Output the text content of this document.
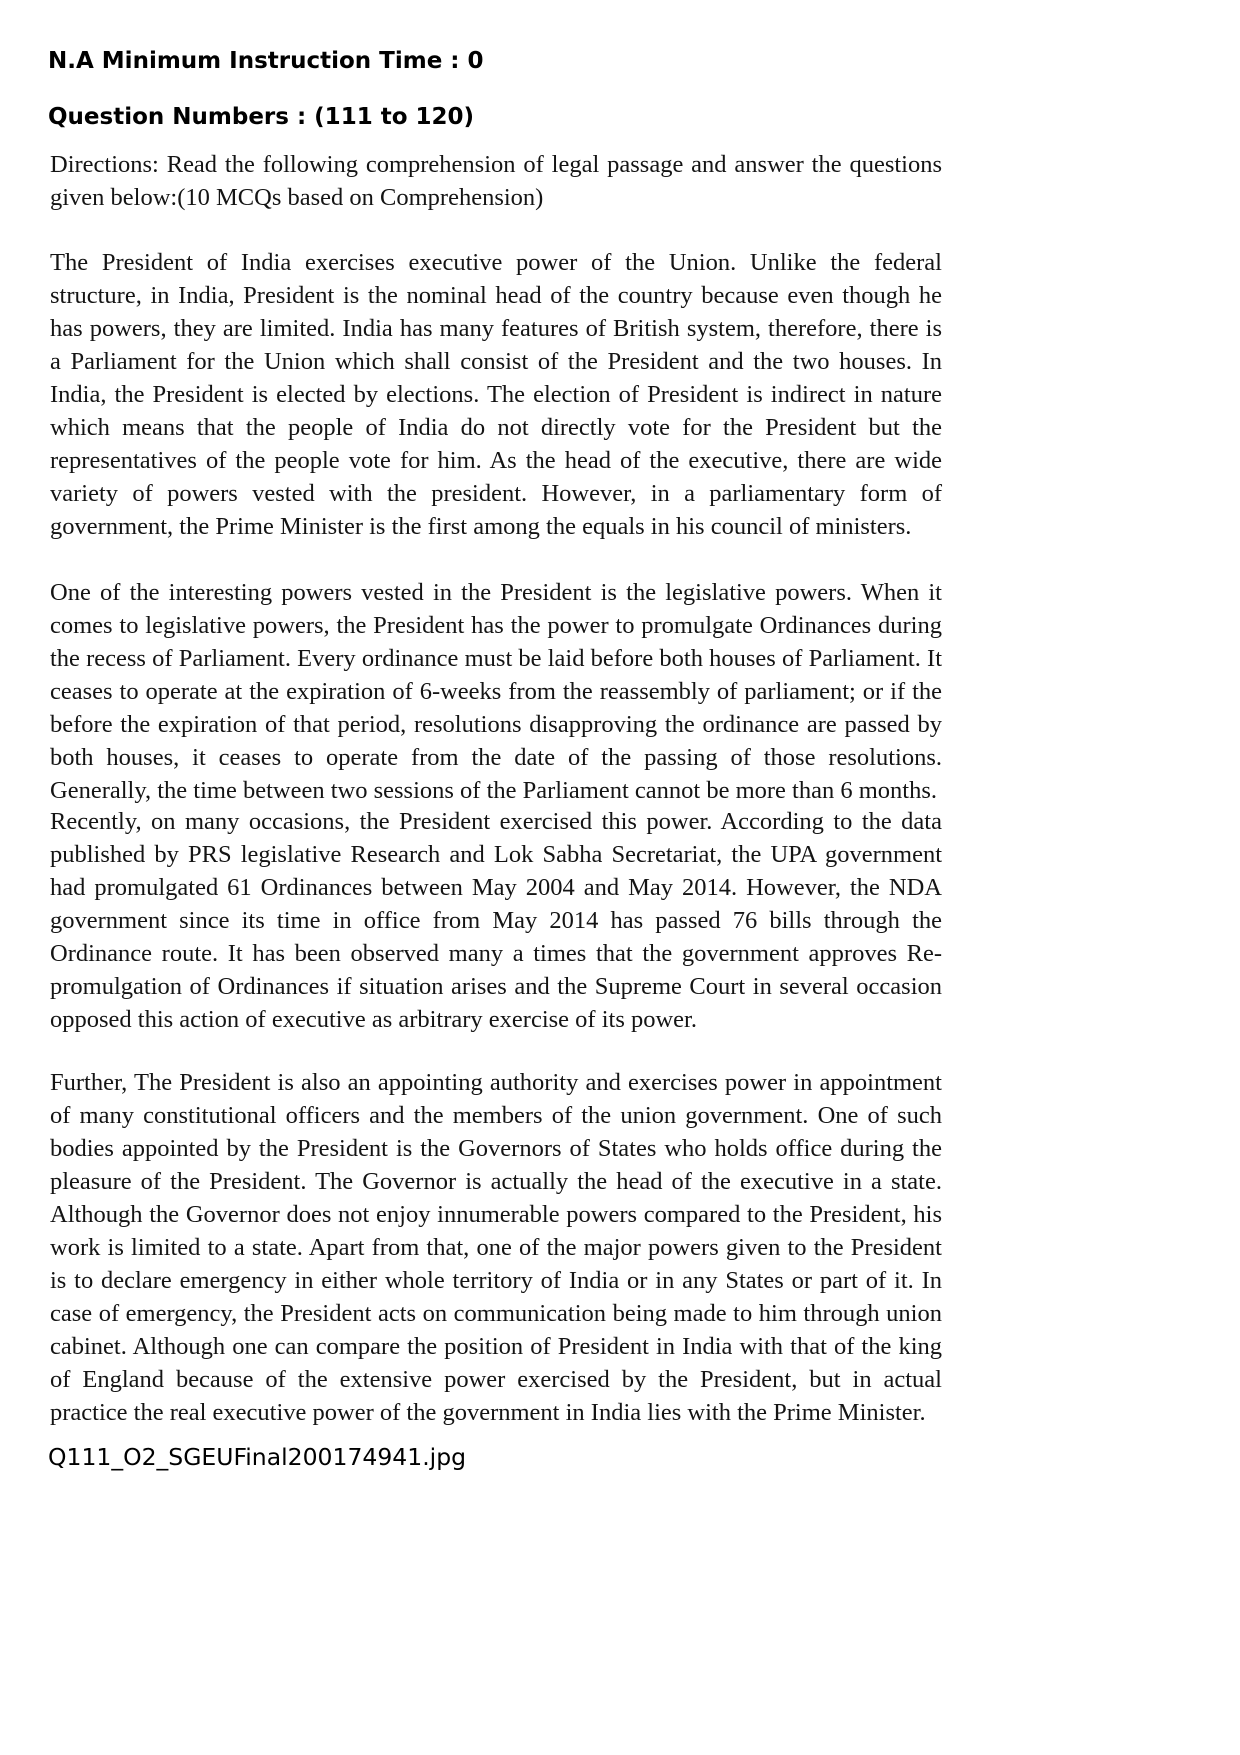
N.A Minimum Instruction Time : 0
Question Numbers : (111 to 120)

Directions: Read the following comprehension of legal passage and answer the questions given below:(10 MCQs based on Comprehension)

The President of India exercises executive power of the Union. Unlike the federal structure, in India, President is the nominal head of the country because even though he has powers, they are limited. India has many features of British system, therefore, there is a Parliament for the Union which shall consist of the President and the two houses. In India, the President is elected by elections. The election of President is indirect in nature which means that the people of India do not directly vote for the President but the representatives of the people vote for him. As the head of the executive, there are wide variety of powers vested with the president. However, in a parliamentary form of government, the Prime Minister is the first among the equals in his council of ministers.

One of the interesting powers vested in the President is the legislative powers. When it comes to legislative powers, the President has the power to promulgate Ordinances during the recess of Parliament. Every ordinance must be laid before both houses of Parliament. It ceases to operate at the expiration of 6-weeks from the reassembly of parliament; or if the before the expiration of that period, resolutions disapproving the ordinance are passed by both houses, it ceases to operate from the date of the passing of those resolutions. Generally, the time between two sessions of the Parliament cannot be more than 6 months.

Recently, on many occasions, the President exercised this power. According to the data published by PRS legislative Research and Lok Sabha Secretariat, the UPA government had promulgated 61 Ordinances between May 2004 and May 2014. However, the NDA government since its time in office from May 2014 has passed 76 bills through the Ordinance route. It has been observed many a times that the government approves Re-promulgation of Ordinances if situation arises and the Supreme Court in several occasion opposed this action of executive as arbitrary exercise of its power.

Further, The President is also an appointing authority and exercises power in appointment of many constitutional officers and the members of the union government. One of such bodies appointed by the President is the Governors of States who holds office during the pleasure of the President. The Governor is actually the head of the executive in a state. Although the Governor does not enjoy innumerable powers compared to the President, his work is limited to a state. Apart from that, one of the major powers given to the President is to declare emergency in either whole territory of India or in any States or part of it. In case of emergency, the President acts on communication being made to him through union cabinet. Although one can compare the position of President in India with that of the king of England because of the extensive power exercised by the President, but in actual practice the real executive power of the government in India lies with the Prime Minister.

Q111_O2_SGEUFinal200174941.jpg
